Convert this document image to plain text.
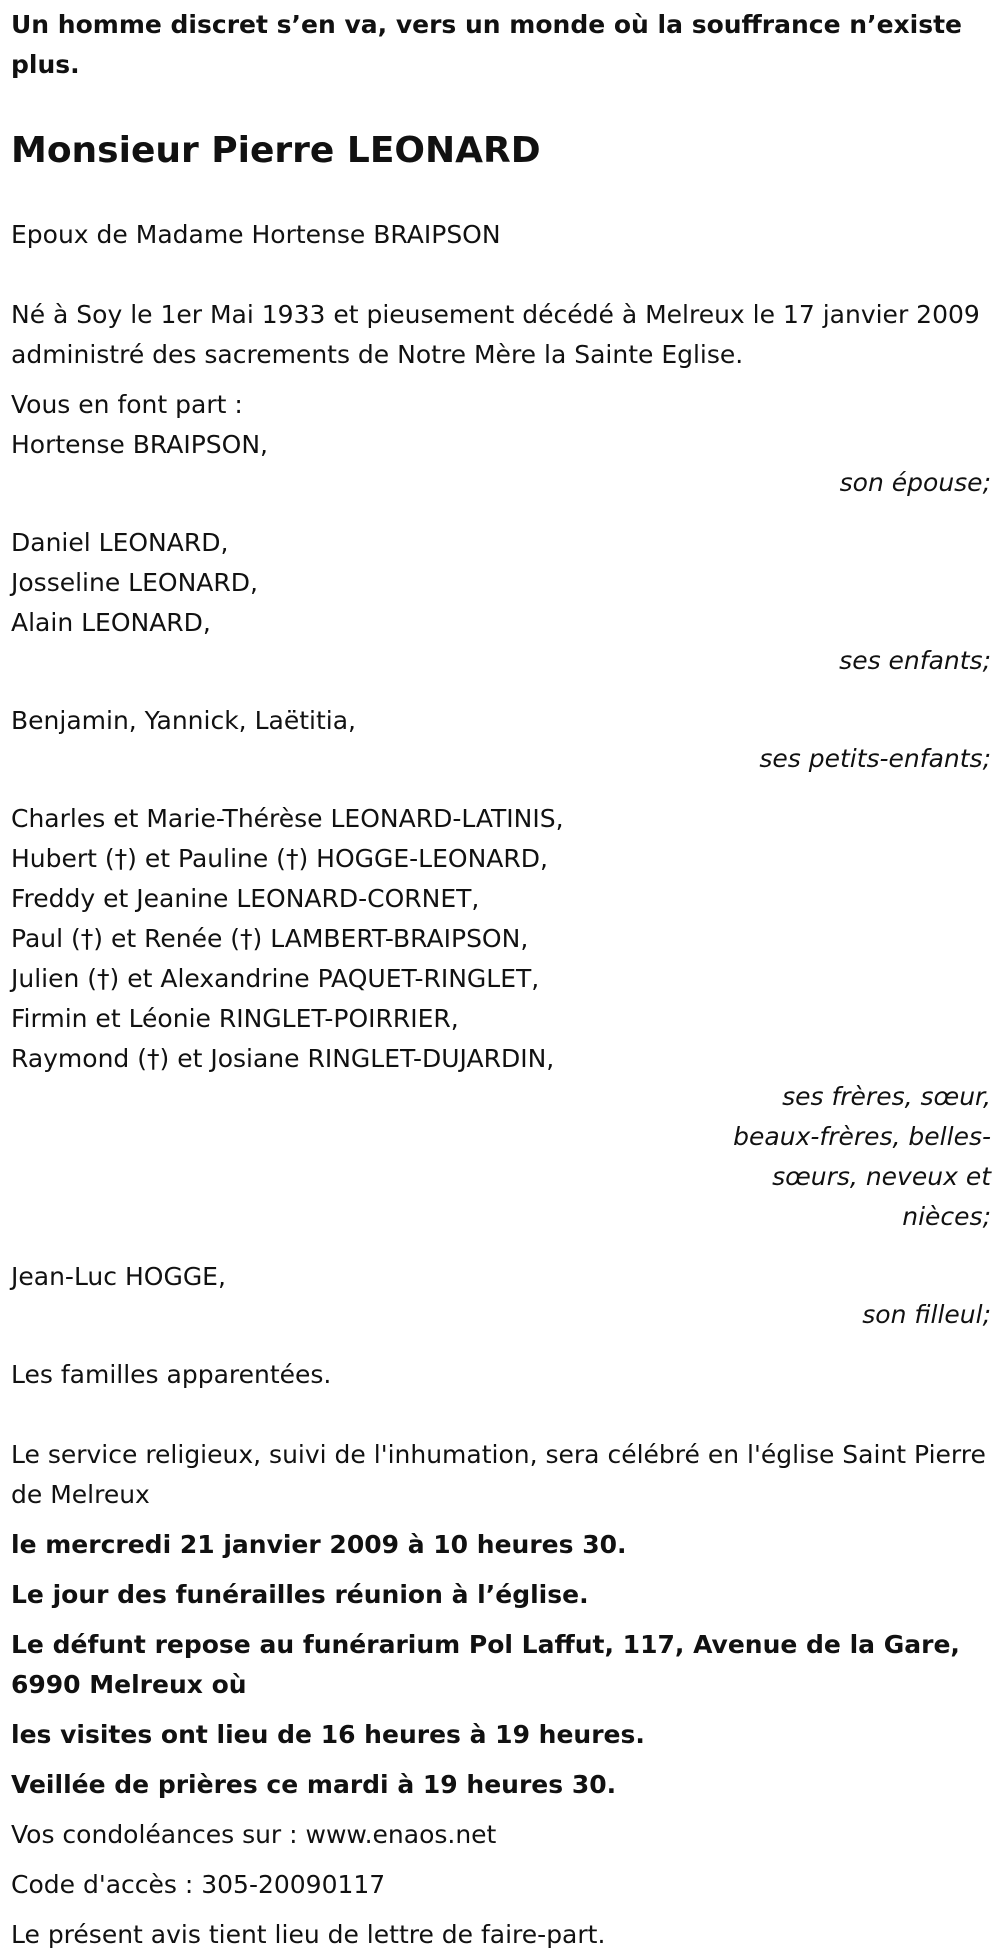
Un homme discret s’en va, vers un monde où la souffrance n’existe plus.

Monsieur Pierre LEONARD

Epoux de Madame Hortense BRAIPSON

Né à Soy le 1er Mai 1933 et pieusement décédé à Melreux le 17 janvier 2009 administré des sacrements de Notre Mère la Sainte Eglise.

Vous en font part :

Hortense BRAIPSON,

son épouse;

Daniel LEONARD,

Josseline LEONARD,

Alain LEONARD,

ses enfants;

Benjamin, Yannick, Laëtitia,

ses petits-enfants;

Charles et Marie-Thérèse LEONARD-LATINIS,

Hubert (†) et Pauline (†) HOGGE-LEONARD,

Freddy et Jeanine LEONARD-CORNET,

Paul (†) et Renée (†) LAMBERT-BRAIPSON,

Julien (†) et Alexandrine PAQUET-RINGLET,

Firmin et Léonie RINGLET-POIRRIER,

Raymond (†) et Josiane RINGLET-DUJARDIN,

ses frères, sœur, beaux-frères, belles-sœurs, neveux et nièces;

Jean-Luc HOGGE,

son filleul;

Les familles apparentées.

Le service religieux, suivi de l'inhumation, sera célébré en l'église Saint Pierre de Melreux

le mercredi 21 janvier 2009 à 10 heures 30.

Le jour des funérailles réunion à l’église.

Le défunt repose au funérarium Pol Laffut, 117, Avenue de la Gare, 6990 Melreux où

les visites ont lieu de 16 heures à 19 heures.

Veillée de prières ce mardi à 19 heures 30.

Vos condoléances sur : www.enaos.net

Code d'accès : 305-20090117

Le présent avis tient lieu de lettre de faire-part.
